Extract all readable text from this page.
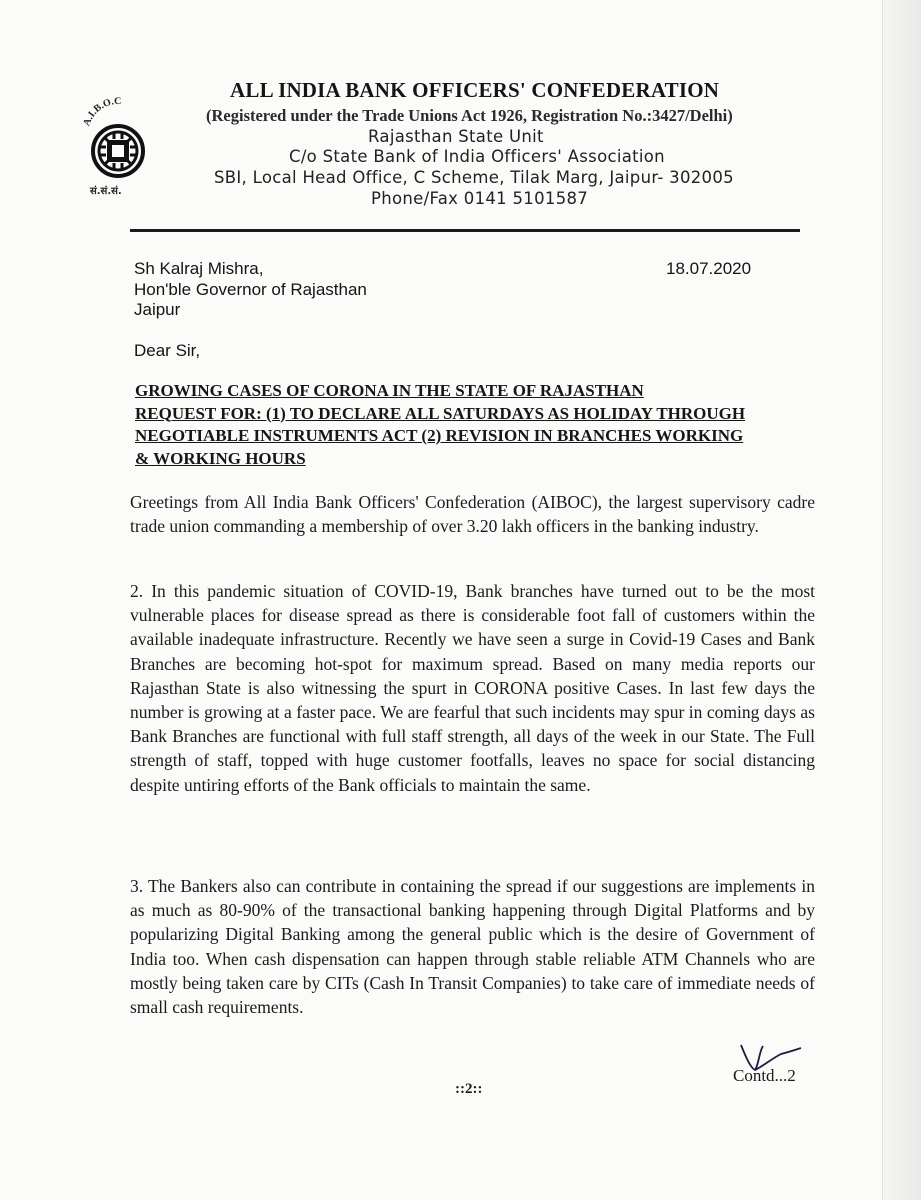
A.I.B.O.C
सं.सं.सं.
ALL INDIA BANK OFFICERS' CONFEDERATION
(Registered under the Trade Unions Act 1926, Registration No.:3427/Delhi)
Rajasthan State Unit
C/o State Bank of India Officers' Association
SBI, Local Head Office, C Scheme, Tilak Marg, Jaipur- 302005
Phone/Fax 0141 5101587
Sh Kalraj Mishra,
Hon'ble Governor of Rajasthan
Jaipur
18.07.2020
Dear Sir,
GROWING CASES OF CORONA IN THE STATE OF RAJASTHAN
REQUEST FOR: (1) TO DECLARE ALL SATURDAYS AS HOLIDAY THROUGH
NEGOTIABLE INSTRUMENTS ACT (2) REVISION IN BRANCHES WORKING
& WORKING HOURS
Greetings from All India Bank Officers' Confederation (AIBOC), the largest supervisory cadre trade union commanding a membership of over 3.20 lakh officers in the banking industry.
2. In this pandemic situation of COVID-19, Bank branches have turned out to be the most vulnerable places for disease spread as there is considerable foot fall of customers within the available inadequate infrastructure. Recently we have seen a surge in Covid-19 Cases and Bank Branches are becoming hot-spot for maximum spread. Based on many media reports our Rajasthan State is also witnessing the spurt in CORONA positive Cases. In last few days the number is growing at a faster pace. We are fearful that such incidents may spur in coming days as Bank Branches are functional with full staff strength, all days of the week in our State. The Full strength of staff, topped with huge customer footfalls, leaves no space for social distancing despite untiring efforts of the Bank officials to maintain the same.
3. The Bankers also can contribute in containing the spread if our suggestions are implements in as much as 80-90% of the transactional banking happening through Digital Platforms and by popularizing Digital Banking among the general public which is the desire of Government of India too. When cash dispensation can happen through stable reliable ATM Channels who are mostly being taken care by CITs (Cash In Transit Companies) to take care of immediate needs of small cash requirements.
Contd...2
::2::
